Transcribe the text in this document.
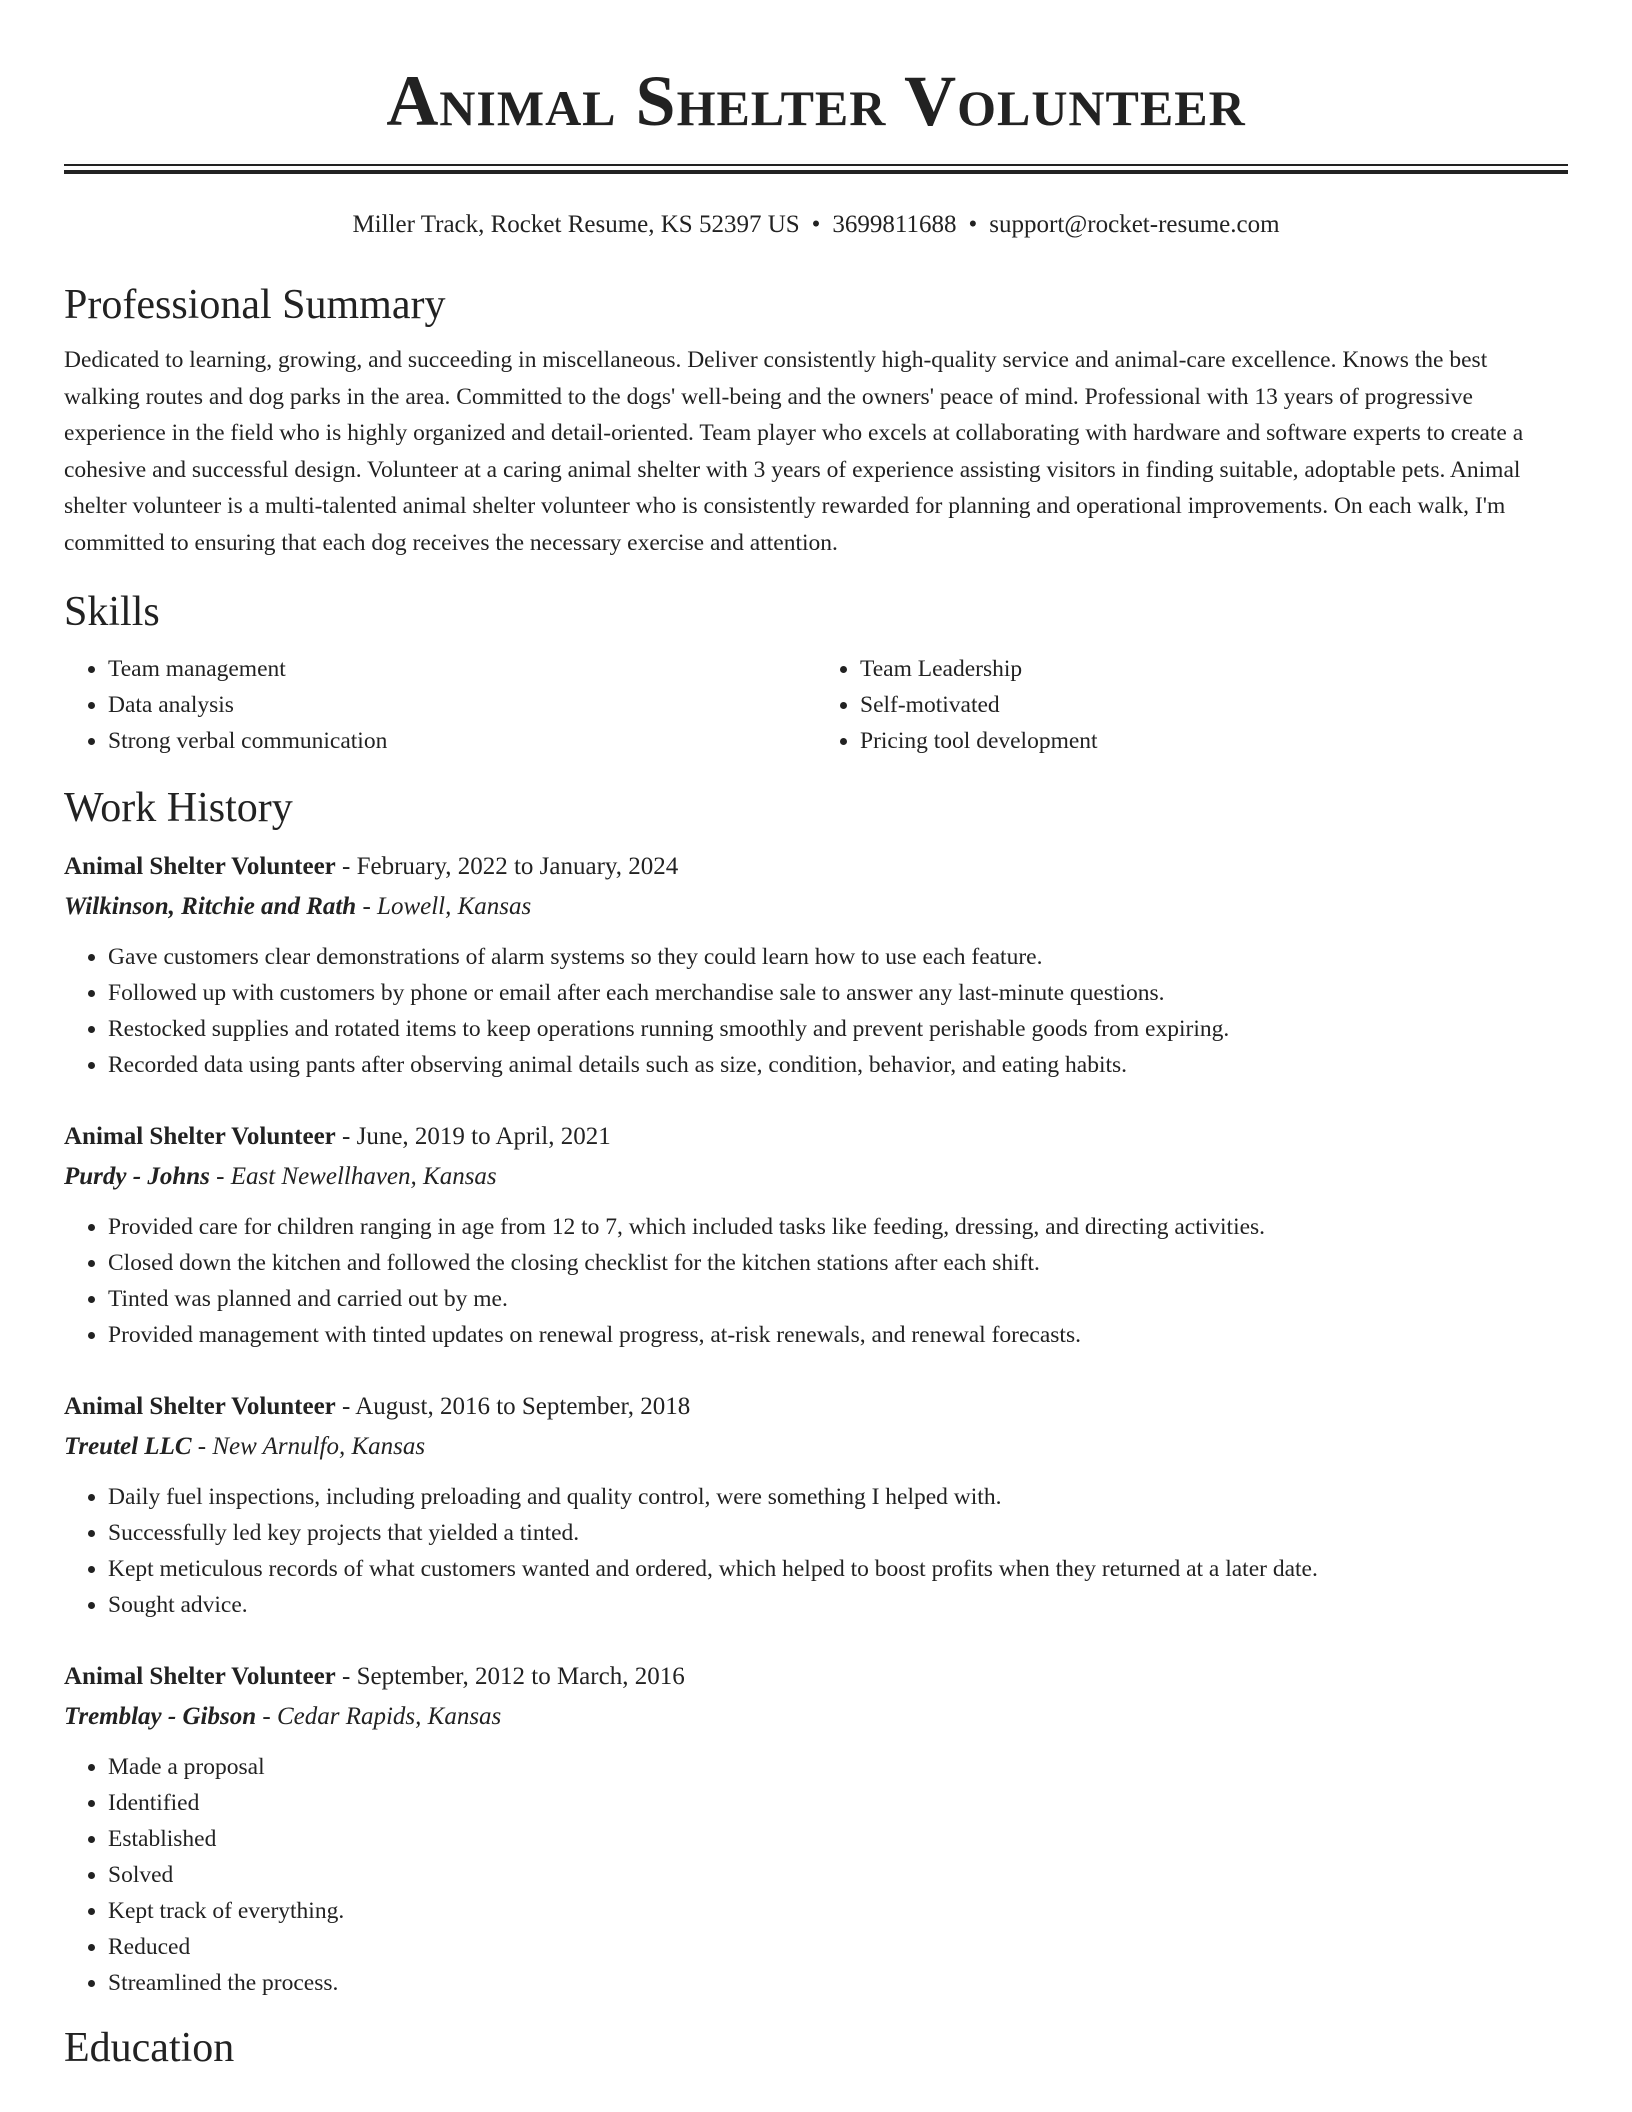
Animal Shelter Volunteer
Miller Track, Rocket Resume, KS 52397 US • 3699811688 • support@rocket-resume.com
Professional Summary
Dedicated to learning, growing, and succeeding in miscellaneous. Deliver consistently high-quality service and animal-care excellence. Knows the best walking routes and dog parks in the area. Committed to the dogs' well-being and the owners' peace of mind. Professional with 13 years of progressive experience in the field who is highly organized and detail-oriented. Team player who excels at collaborating with hardware and software experts to create a cohesive and successful design. Volunteer at a caring animal shelter with 3 years of experience assisting visitors in finding suitable, adoptable pets. Animal shelter volunteer is a multi-talented animal shelter volunteer who is consistently rewarded for planning and operational improvements. On each walk, I'm committed to ensuring that each dog receives the necessary exercise and attention.
Skills
• Team management
• Data analysis
• Strong verbal communication
• Team Leadership
• Self-motivated
• Pricing tool development
Work History
Animal Shelter Volunteer - February, 2022 to January, 2024
Wilkinson, Ritchie and Rath - Lowell, Kansas
• Gave customers clear demonstrations of alarm systems so they could learn how to use each feature.
• Followed up with customers by phone or email after each merchandise sale to answer any last-minute questions.
• Restocked supplies and rotated items to keep operations running smoothly and prevent perishable goods from expiring.
• Recorded data using pants after observing animal details such as size, condition, behavior, and eating habits.
Animal Shelter Volunteer - June, 2019 to April, 2021
Purdy - Johns - East Newellhaven, Kansas
• Provided care for children ranging in age from 12 to 7, which included tasks like feeding, dressing, and directing activities.
• Closed down the kitchen and followed the closing checklist for the kitchen stations after each shift.
• Tinted was planned and carried out by me.
• Provided management with tinted updates on renewal progress, at-risk renewals, and renewal forecasts.
Animal Shelter Volunteer - August, 2016 to September, 2018
Treutel LLC - New Arnulfo, Kansas
• Daily fuel inspections, including preloading and quality control, were something I helped with.
• Successfully led key projects that yielded a tinted.
• Kept meticulous records of what customers wanted and ordered, which helped to boost profits when they returned at a later date.
• Sought advice.
Animal Shelter Volunteer - September, 2012 to March, 2016
Tremblay - Gibson - Cedar Rapids, Kansas
• Made a proposal
• Identified
• Established
• Solved
• Kept track of everything.
• Reduced
• Streamlined the process.
Education
